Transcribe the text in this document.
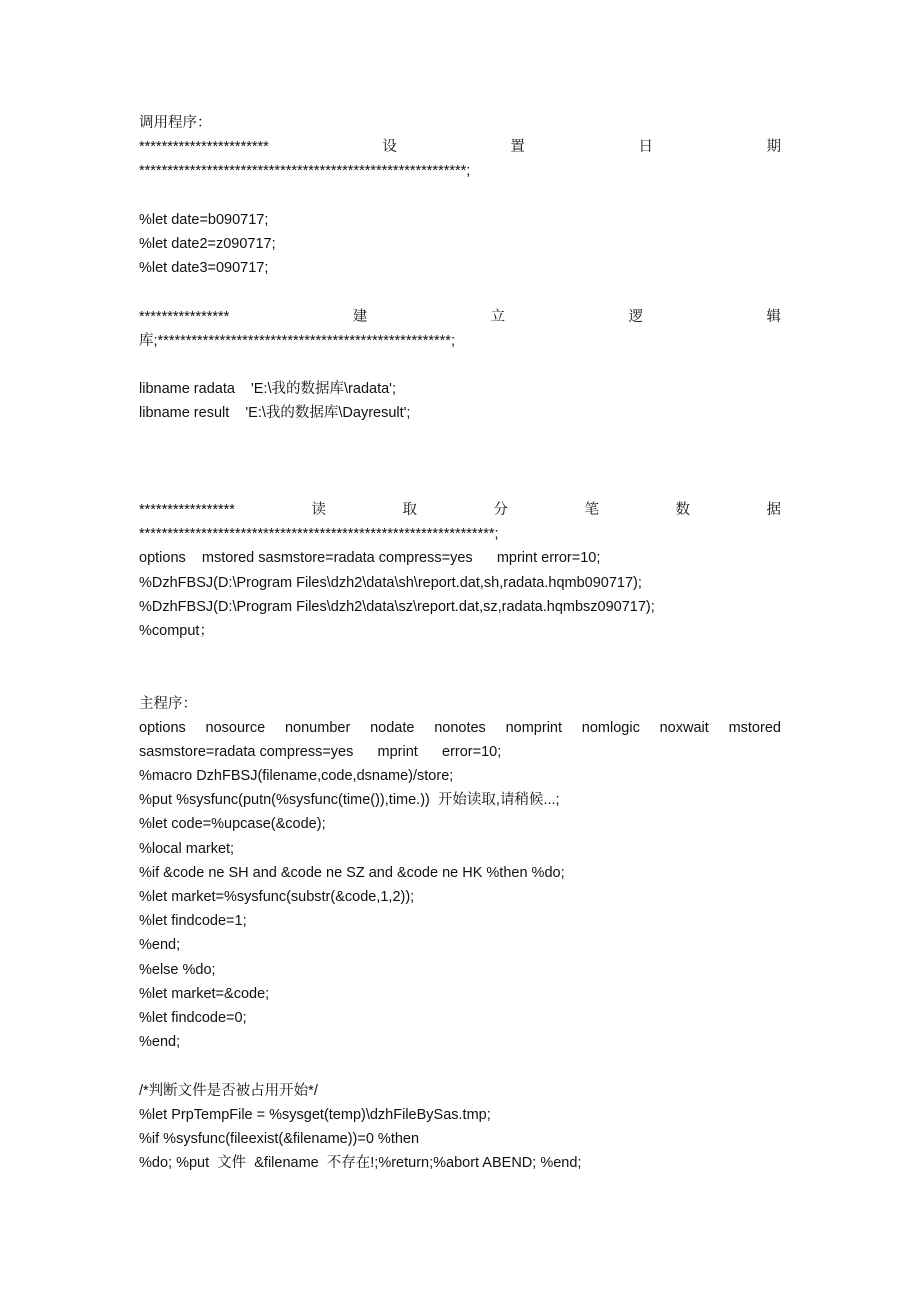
调用程序：
***********************	设	置	日	期
**********************************************************;
%let date=b090717;
%let date2=z090717;
%let date3=090717;
****************	建	立	逻	辑
库;****************************************************;
libname radata    'E:\我的数据库\radata';
libname result    'E:\我的数据库\Dayresult';
*****************	读	取	分	笔	数	据
***************************************************************;
options    mstored sasmstore=radata compress=yes      mprint error=10;
%DzhFBSJ(D:\Program Files\dzh2\data\sh\report.dat,sh,radata.hqmb090717);
%DzhFBSJ(D:\Program Files\dzh2\data\sz\report.dat,sz,radata.hqmbsz090717);
%comput；
主程序：
options nosource nonumber nodate nonotes nomprint nomlogic noxwait mstored
sasmstore=radata compress=yes      mprint      error=10;
%macro DzhFBSJ(filename,code,dsname)/store;
%put %sysfunc(putn(%sysfunc(time()),time.))  开始读取,请稍候...;
%let code=%upcase(&code);
%local market;
%if &code ne SH and &code ne SZ and &code ne HK %then %do;
%let market=%sysfunc(substr(&code,1,2));
%let findcode=1;
%end;
%else %do;
%let market=&code;
%let findcode=0;
%end;
/*判断文件是否被占用开始*/
%let PrpTempFile = %sysget(temp)\dzhFileBySas.tmp;
%if %sysfunc(fileexist(&filename))=0 %then
%do; %put  文件  &filename  不存在!;%return;%abort ABEND; %end;
